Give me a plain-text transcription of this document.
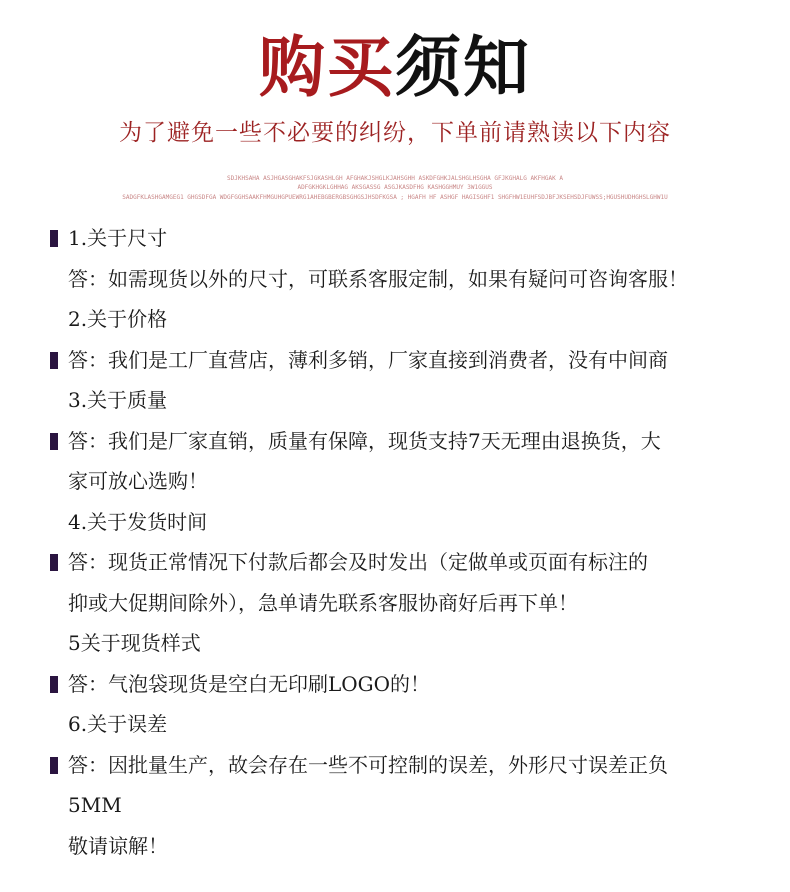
购买须知
为了避免一些不必要的纠纷，下单前请熟读以下内容
SDJKHSAHA ASJHGASGHAKFSJGKASHLGH AFGHAKJSHGLKJAHSGHH ASKDFGHKJALSHGLHSGHA GFJKGHALG AKFHGAK A
ADFGKHGKLGHHAG AKSGASSG ASGJKASDFHG KASHGGHMUY 3W1GGUS
SADGFKLASHGAMGEG1 GHGSDFGA WDGFGGHSAAKFHMGUHGPUEWRG1AHEBGBERGBSGHGSJHSDFKGSA ; HGAFH HF ASHGF HAGISGHF1 SHGFHW1EUHFSDJBFJKSEHSDJFUWSS;HGUSHUDHGHSLGHW1U
1.关于尺寸
答：如需现货以外的尺寸，可联系客服定制，如果有疑问可咨询客服！
2.关于价格
答：我们是工厂直营店，薄利多销，厂家直接到消费者，没有中间商
3.关于质量
答：我们是厂家直销，质量有保障，现货支持7天无理由退换货，大
家可放心选购！
4.关于发货时间
答：现货正常情况下付款后都会及时发出（定做单或页面有标注的
抑或大促期间除外），急单请先联系客服协商好后再下单！
5关于现货样式
答：气泡袋现货是空白无印刷LOGO的！
6.关于误差
答：因批量生产，故会存在一些不可控制的误差，外形尺寸误差正负
5MM
敬请谅解！
